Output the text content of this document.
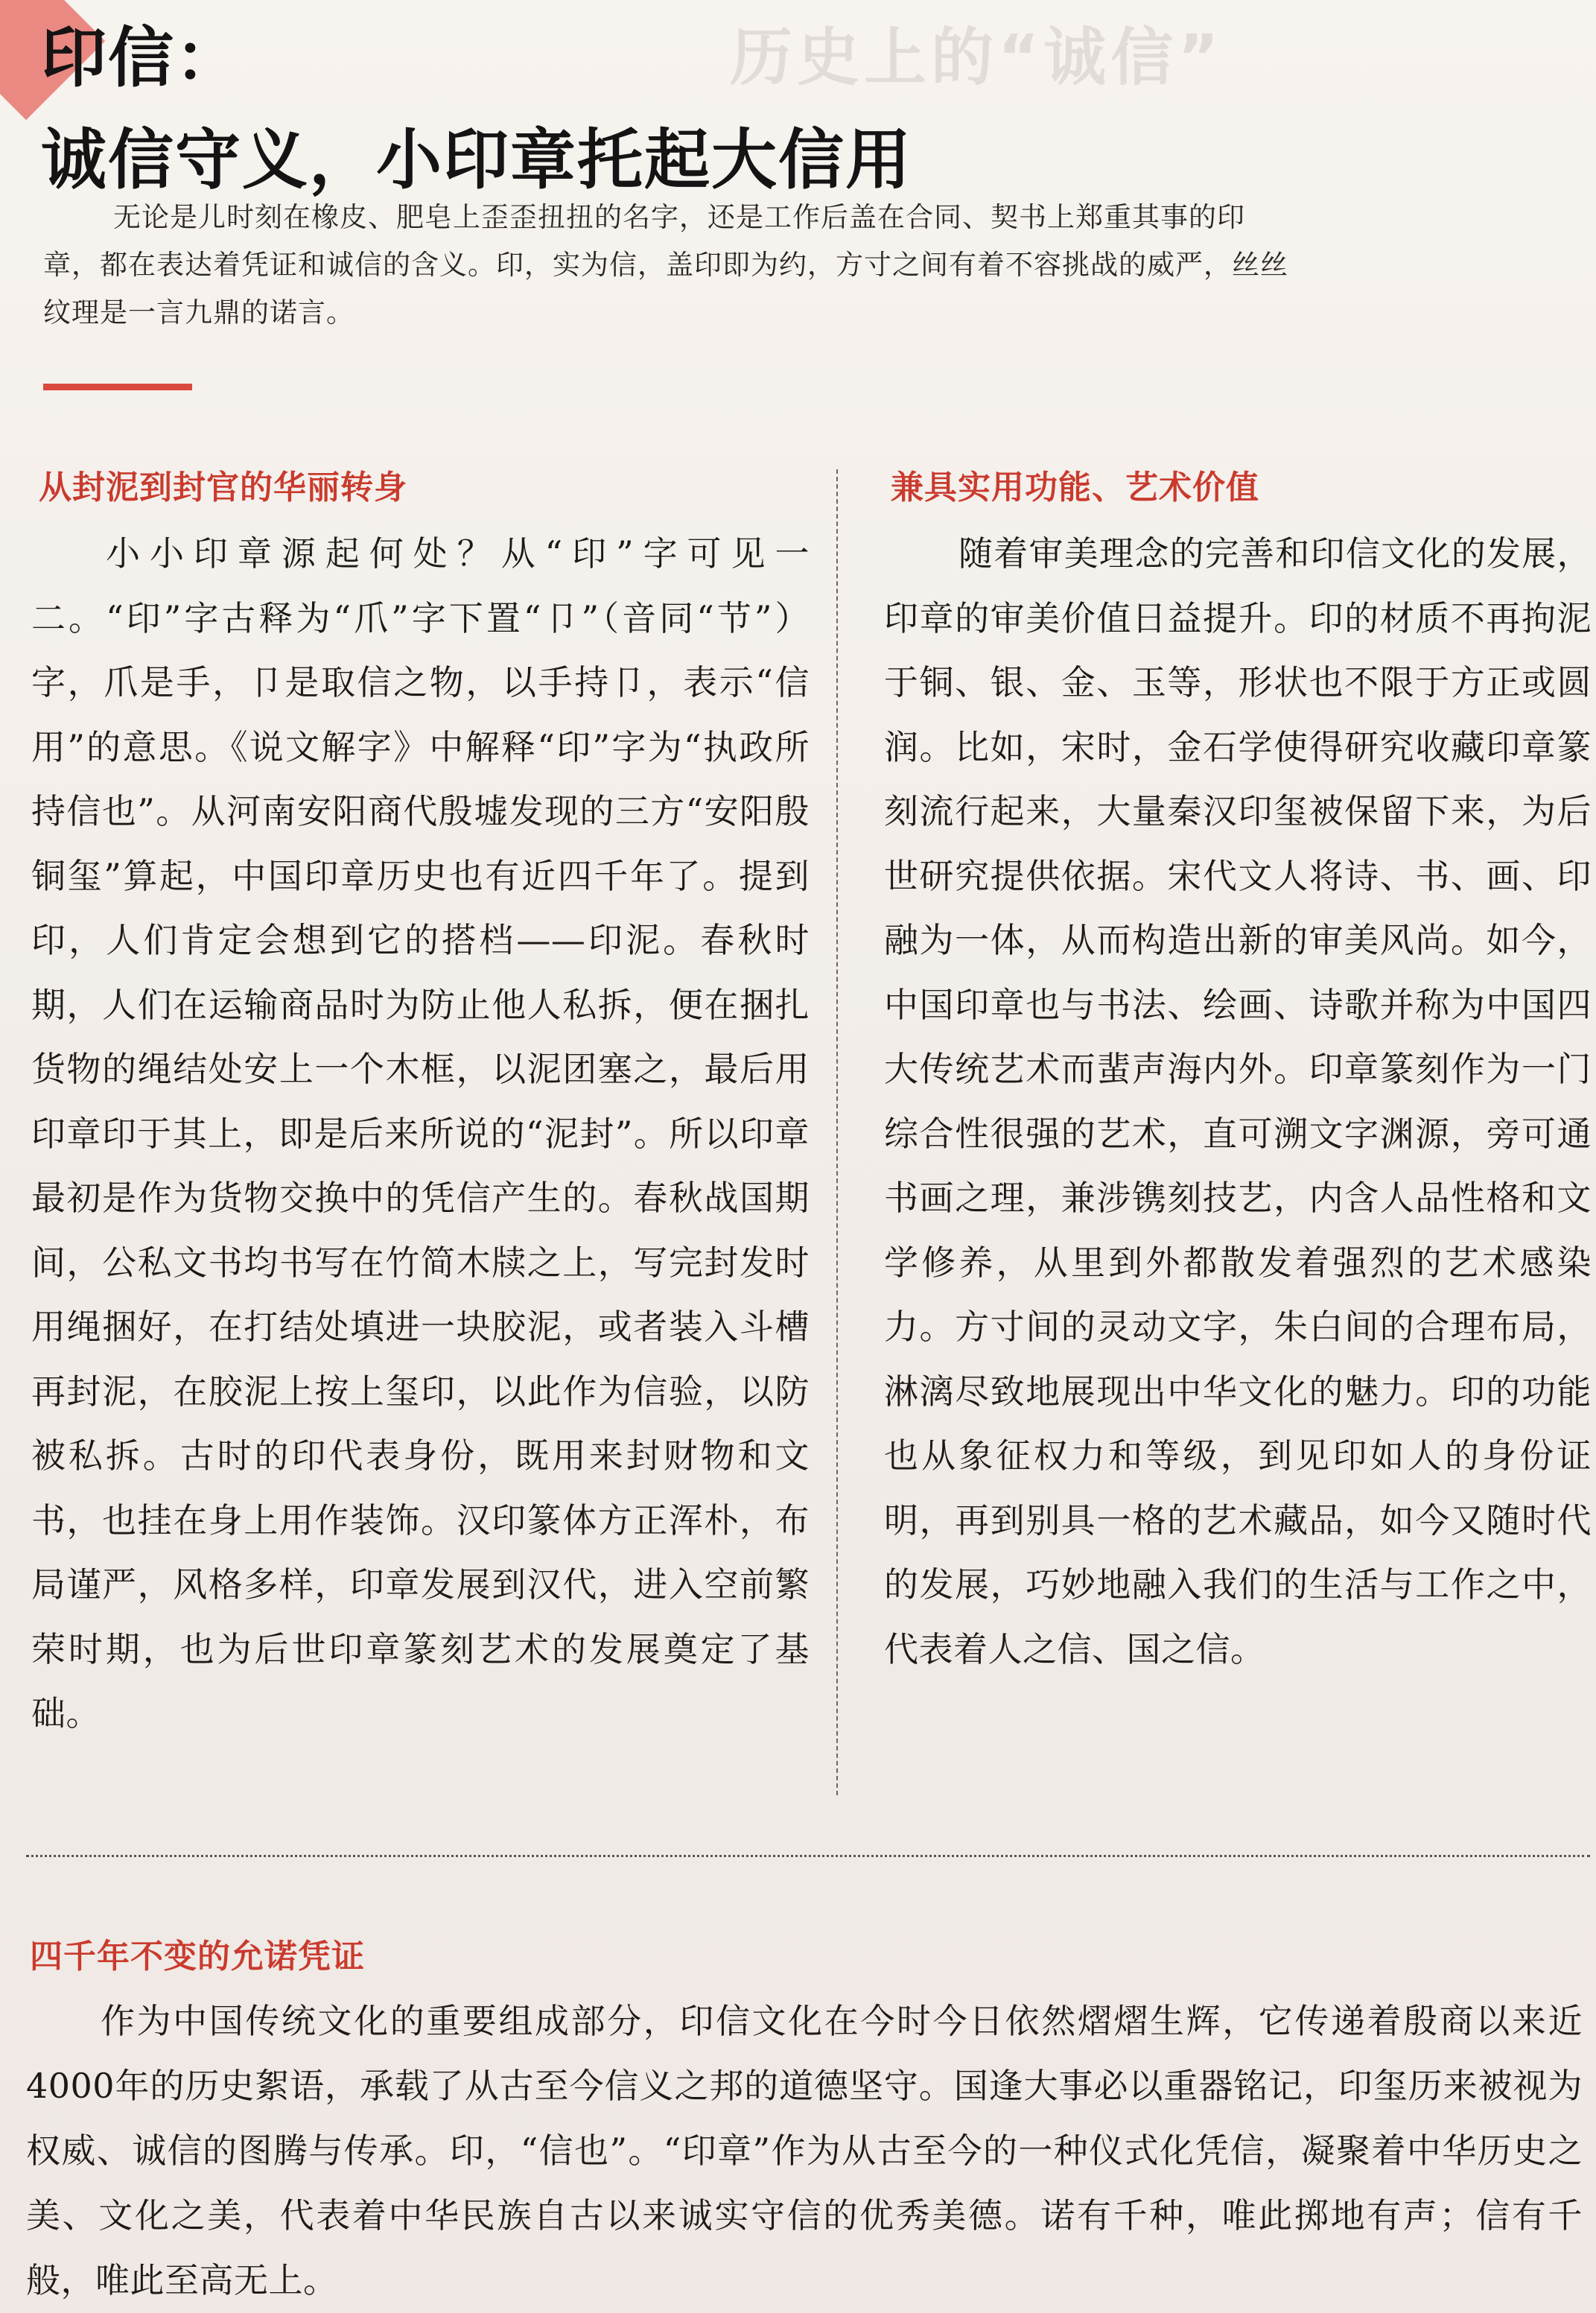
历史上的“诚信”
印信：
诚信守义，小印章托起大信用

无论是儿时刻在橡皮、肥皂上歪歪扭扭的名字，还是工作后盖在合同、契书上郑重其事的印章，都在表达着凭证和诚信的含义。印，实为信，盖印即为约，方寸之间有着不容挑战的威严，丝丝纹理是一言九鼎的诺言。

从封泥到封官的华丽转身

小小印章源起何处？从“印”字可见一二。“印”字古释为“爪”字下置“卩”（音同“节”）字，爪是手，卩是取信之物，以手持卩，表示“信用”的意思。《说文解字》中解释“印”字为“执政所持信也”。从河南安阳商代殷墟发现的三方“安阳殷铜玺”算起，中国印章历史也有近四千年了。提到印，人们肯定会想到它的搭档——印泥。春秋时期，人们在运输商品时为防止他人私拆，便在捆扎货物的绳结处安上一个木框，以泥团塞之，最后用印章印于其上，即是后来所说的“泥封”。所以印章最初是作为货物交换中的凭信产生的。春秋战国期间，公私文书均书写在竹简木牍之上，写完封发时用绳捆好，在打结处填进一块胶泥，或者装入斗槽再封泥，在胶泥上按上玺印，以此作为信验，以防被私拆。古时的印代表身份，既用来封财物和文书，也挂在身上用作装饰。汉印篆体方正浑朴，布局谨严，风格多样，印章发展到汉代，进入空前繁荣时期，也为后世印章篆刻艺术的发展奠定了基础。

兼具实用功能、艺术价值

随着审美理念的完善和印信文化的发展，印章的审美价值日益提升。印的材质不再拘泥于铜、银、金、玉等，形状也不限于方正或圆润。比如，宋时，金石学使得研究收藏印章篆刻流行起来，大量秦汉印玺被保留下来，为后世研究提供依据。宋代文人将诗、书、画、印融为一体，从而构造出新的审美风尚。如今，中国印章也与书法、绘画、诗歌并称为中国四大传统艺术而蜚声海内外。印章篆刻作为一门综合性很强的艺术，直可溯文字渊源，旁可通书画之理，兼涉镌刻技艺，内含人品性格和文学修养，从里到外都散发着强烈的艺术感染力。方寸间的灵动文字，朱白间的合理布局，淋漓尽致地展现出中华文化的魅力。印的功能也从象征权力和等级，到见印如人的身份证明，再到别具一格的艺术藏品，如今又随时代的发展，巧妙地融入我们的生活与工作之中，代表着人之信、国之信。

四千年不变的允诺凭证

作为中国传统文化的重要组成部分，印信文化在今时今日依然熠熠生辉，它传递着殷商以来近4000年的历史絮语，承载了从古至今信义之邦的道德坚守。国逢大事必以重器铭记，印玺历来被视为权威、诚信的图腾与传承。印，“信也”。“印章”作为从古至今的一种仪式化凭信，凝聚着中华历史之美、文化之美，代表着中华民族自古以来诚实守信的优秀美德。诺有千种，唯此掷地有声；信有千般，唯此至高无上。
